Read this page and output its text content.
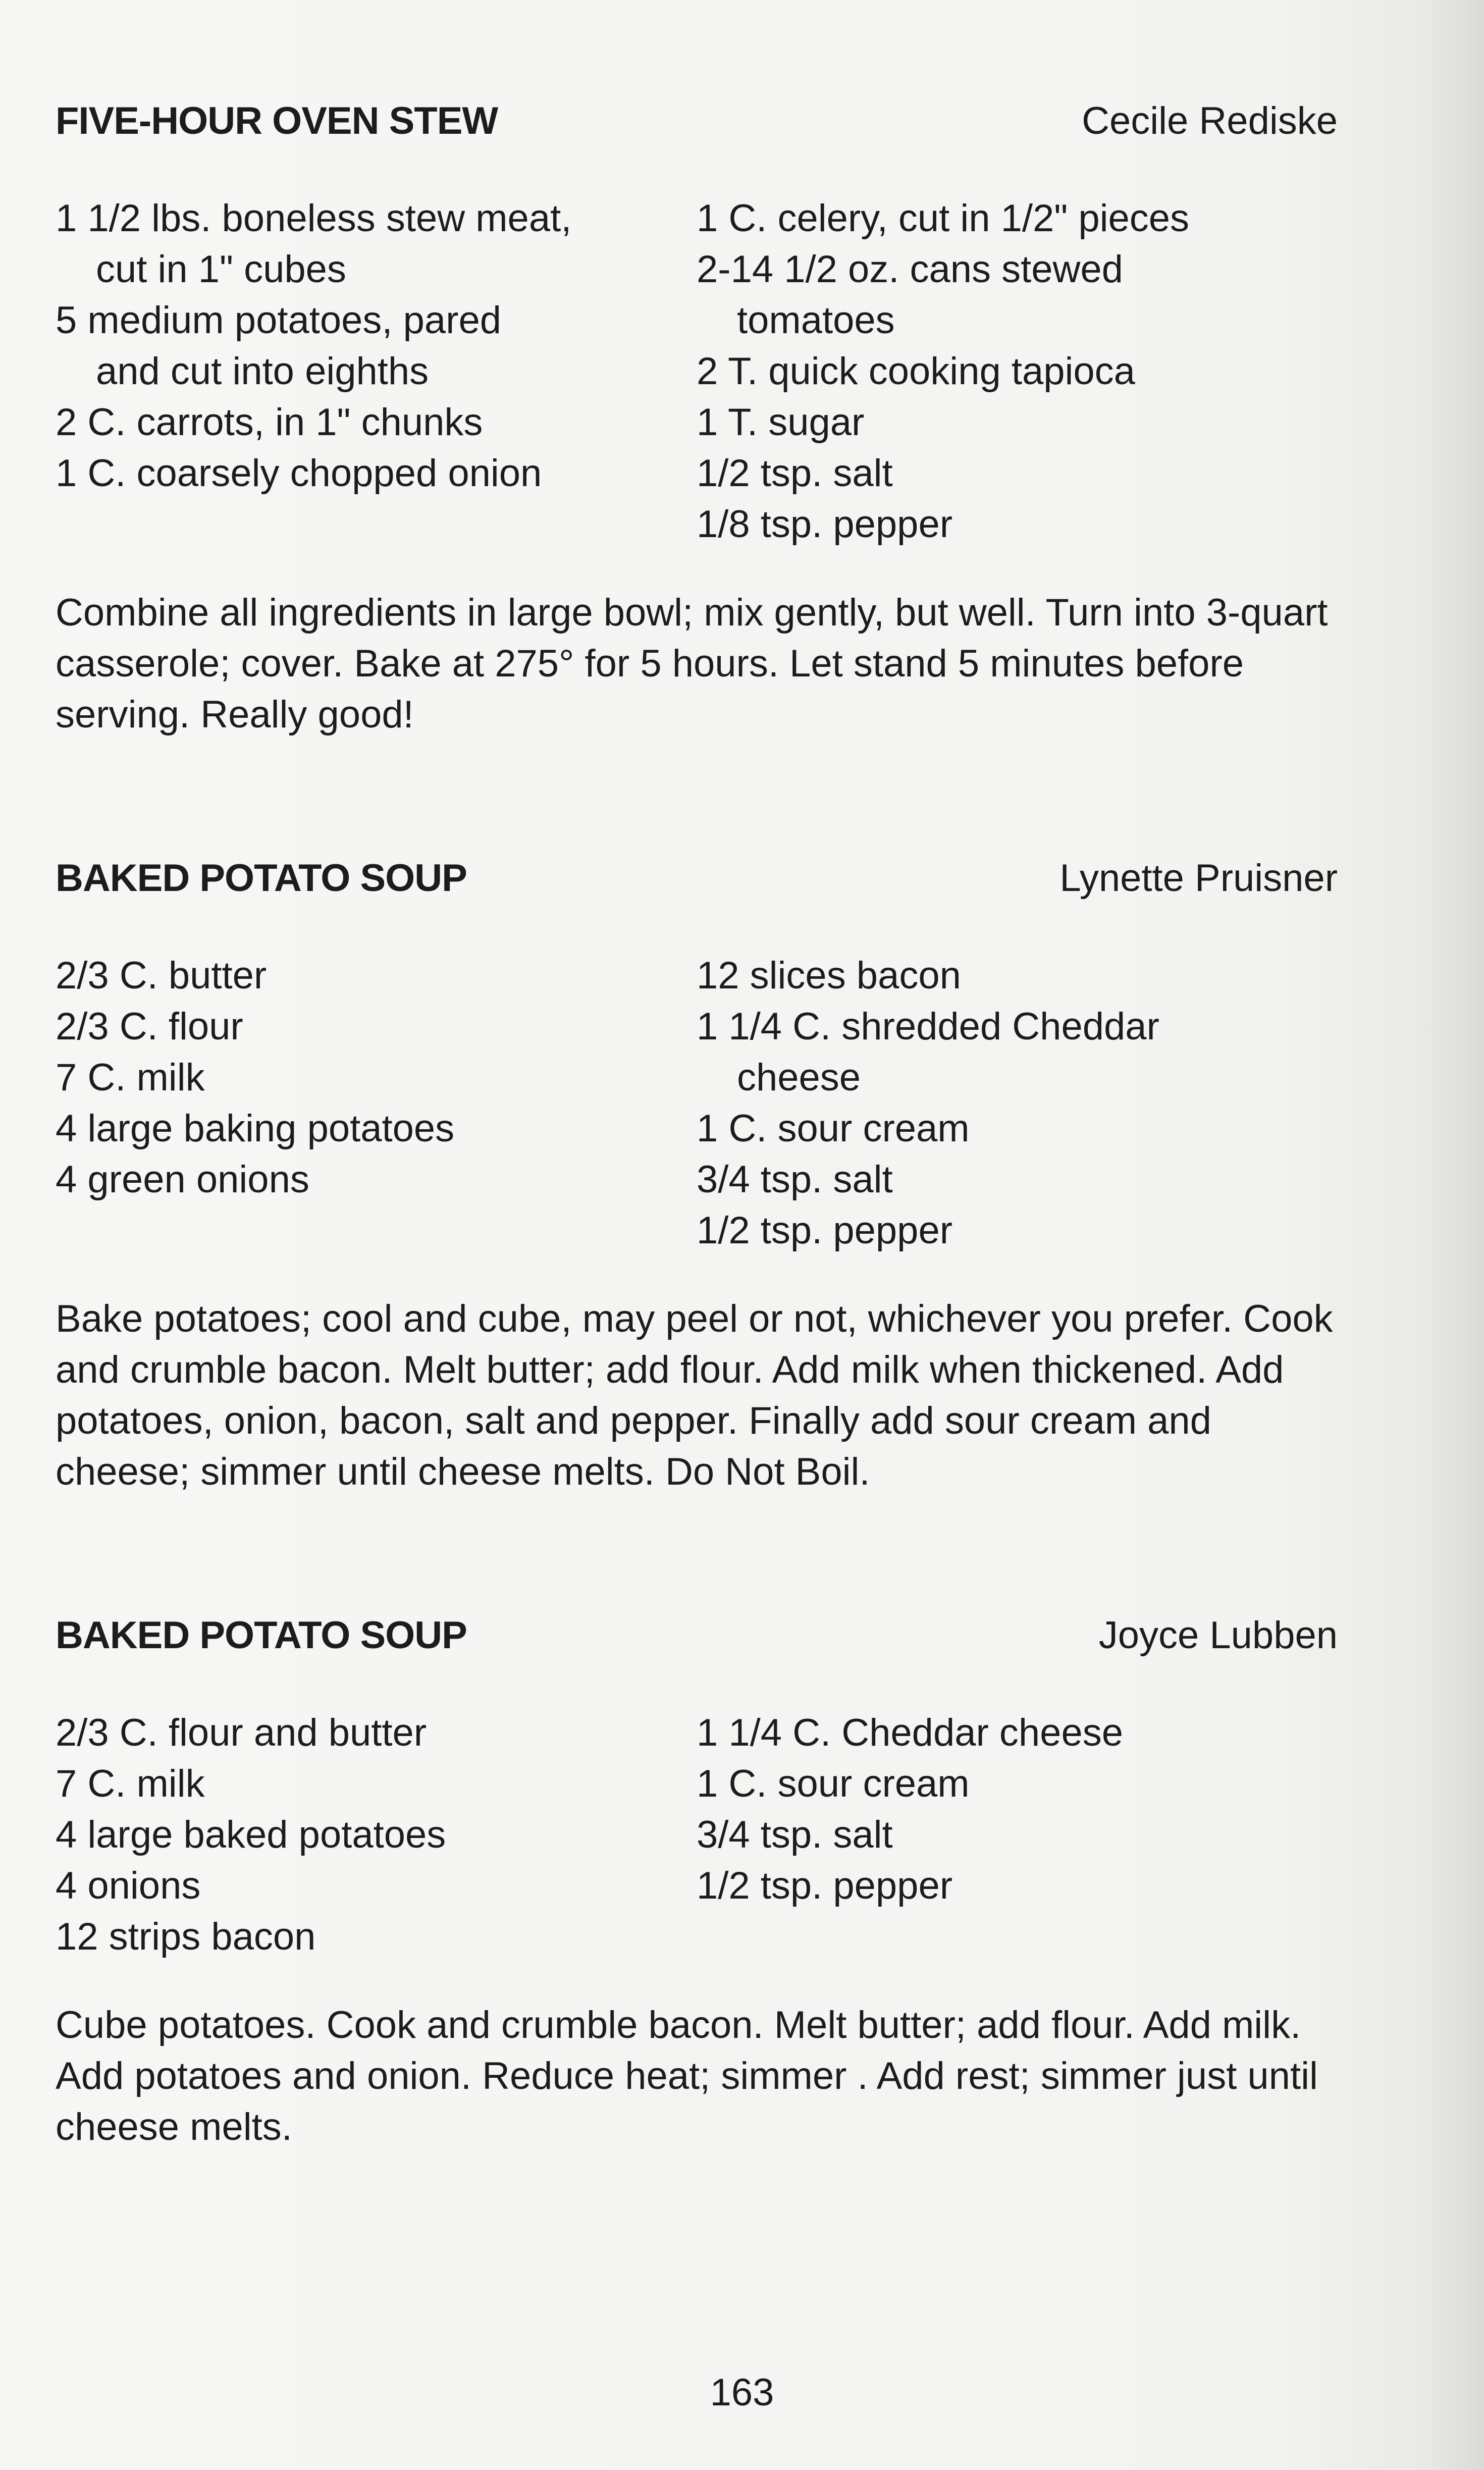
FIVE-HOUR OVEN STEW	Cecile Rediske
1 1/2 lbs. boneless stew meat,
cut in 1" cubes
5 medium potatoes, pared
and cut into eighths
2 C. carrots, in 1" chunks
1 C. coarsely chopped onion
1 C. celery, cut in 1/2" pieces
2-14 1/2 oz. cans stewed
tomatoes
2 T. quick cooking tapioca
1 T. sugar
1/2 tsp. salt
1/8 tsp. pepper
Combine all ingredients in large bowl; mix gently, but well. Turn into 3-quart casserole; cover. Bake at 275° for 5 hours. Let stand 5 minutes before serving. Really good!
BAKED POTATO SOUP	Lynette Pruisner
2/3 C. butter
2/3 C. flour
7 C. milk
4 large baking potatoes
4 green onions
12 slices bacon
1 1/4 C. shredded Cheddar
cheese
1 C. sour cream
3/4 tsp. salt
1/2 tsp. pepper
Bake potatoes; cool and cube, may peel or not, whichever you prefer. Cook and crumble bacon. Melt butter; add flour. Add milk when thickened. Add potatoes, onion, bacon, salt and pepper. Finally add sour cream and cheese; simmer until cheese melts. Do Not Boil.
BAKED POTATO SOUP	Joyce Lubben
2/3 C. flour and butter
7 C. milk
4 large baked potatoes
4 onions
12 strips bacon
1 1/4 C. Cheddar cheese
1 C. sour cream
3/4 tsp. salt
1/2 tsp. pepper
Cube potatoes. Cook and crumble bacon. Melt butter; add flour. Add milk. Add potatoes and onion. Reduce heat; simmer . Add rest; simmer just until cheese melts.
163
